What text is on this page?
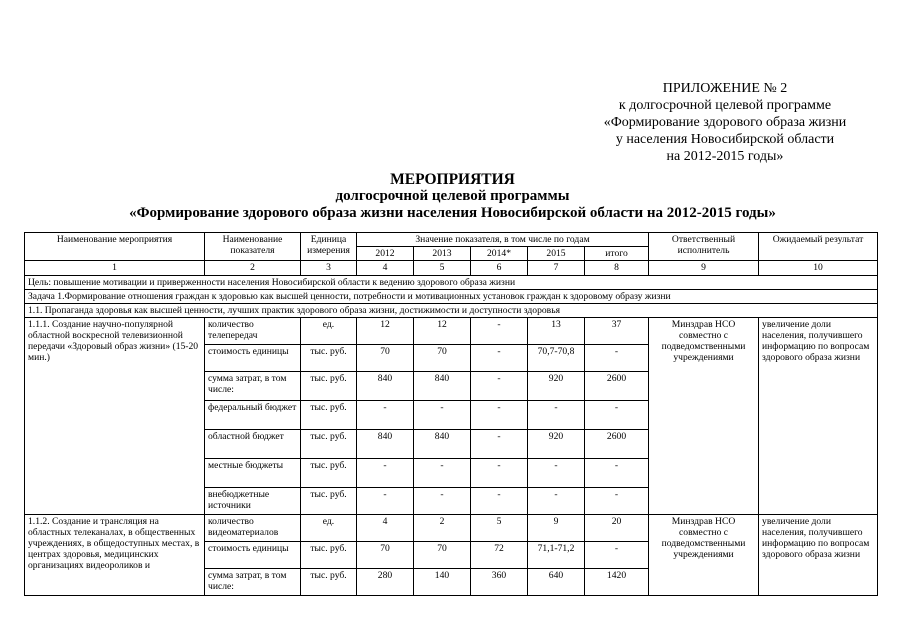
ПРИЛОЖЕНИЕ № 2
к долгосрочной целевой программе
«Формирование здорового образа жизни
у населения Новосибирской области
на 2012-2015 годы»
МЕРОПРИЯТИЯ
долгосрочной целевой программы
«Формирование здорового образа жизни населения Новосибирской области на 2012-2015 годы»
Наименование мероприятия	Наименование показателя	Единица измерения	Значение показателя, в том числе по годам					Ответственный исполнитель	Ожидаемый результат
			2012	2013	2014*	2015	итого		
1	2	3	4	5	6	7	8	9	10
Цель: повышение мотивации и приверженности населения Новосибирской области к ведению здорового образа жизни									
Задача 1.Формирование отношения граждан к здоровью как высшей ценности, потребности и мотивационных установок граждан к здоровому образу жизни									
1.1. Пропаганда здоровья как высшей ценности, лучших практик здорового образа жизни, достижимости и доступности здоровья									
1.1.1. Создание научно-популярной областной воскресной телевизионной передачи «Здоровый образ жизни» (15-20 мин.)	количество телепередач	ед.	12	12	-	13	37	Минздрав НСО совместно с подведомственными учреждениями	увеличение доли населения, получившего информацию по вопросам здорового образа жизни
	стоимость единицы	тыс. руб.	70	70	-	70,7-70,8	-		
	сумма затрат, в том числе:	тыс. руб.	840	840	-	920	2600		
	федеральный бюджет	тыс. руб.	-	-	-	-	-		
	областной бюджет	тыс. руб.	840	840	-	920	2600		
	местные бюджеты	тыс. руб.	-	-	-	-	-		
	внебюджетные источники	тыс. руб.	-	-	-	-	-		
1.1.2. Создание и трансляция на областных телеканалах, в общественных учреждениях, в общедоступных местах, в центрах здоровья, медицинских организациях видеороликов и	количество видеоматериалов	ед.	4	2	5	9	20	Минздрав НСО совместно с подведомственными учреждениями	увеличение доли населения, получившего информацию по вопросам здорового образа жизни
	стоимость единицы	тыс. руб.	70	70	72	71,1-71,2	-		
	сумма затрат, в том числе:	тыс. руб.	280	140	360	640	1420		
